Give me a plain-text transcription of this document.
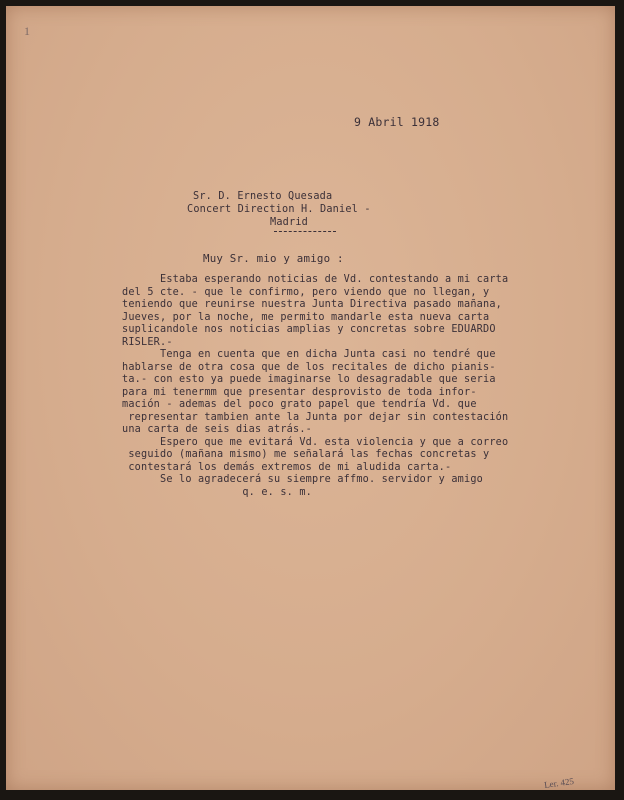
1
9 Abril 1918
Sr. D. Ernesto Quesada
Concert Direction H. Daniel -
Madrid
Muy Sr. mio y amigo :
Estaba esperando noticias de Vd. contestando a mi carta
del 5 cte. - que le confirmo, pero viendo que no llegan, y
teniendo que reunirse nuestra Junta Directiva pasado mañana,
Jueves, por la noche, me permito mandarle esta nueva carta
suplicandole nos noticias amplias y concretas sobre EDUARDO
RISLER.-
Tenga en cuenta que en dicha Junta casi no tendré que
hablarse de otra cosa que de los recitales de dicho pianis-
ta.- con esto ya puede imaginarse lo desagradable que seria
para mi tenermm que presentar desprovisto de toda infor-
mación - ademas del poco grato papel que tendría Vd. que
representar tambien ante la Junta por dejar sin contestación
una carta de seis dias atrás.-
Espero que me evitará Vd. esta violencia y que a correo
seguido (mañana mismo) me señalará las fechas concretas y
contestará los demás extremos de mi aludida carta.-
Se lo agradecerá su siempre affmo. servidor y amigo
q. e. s. m.
Ler. 425
